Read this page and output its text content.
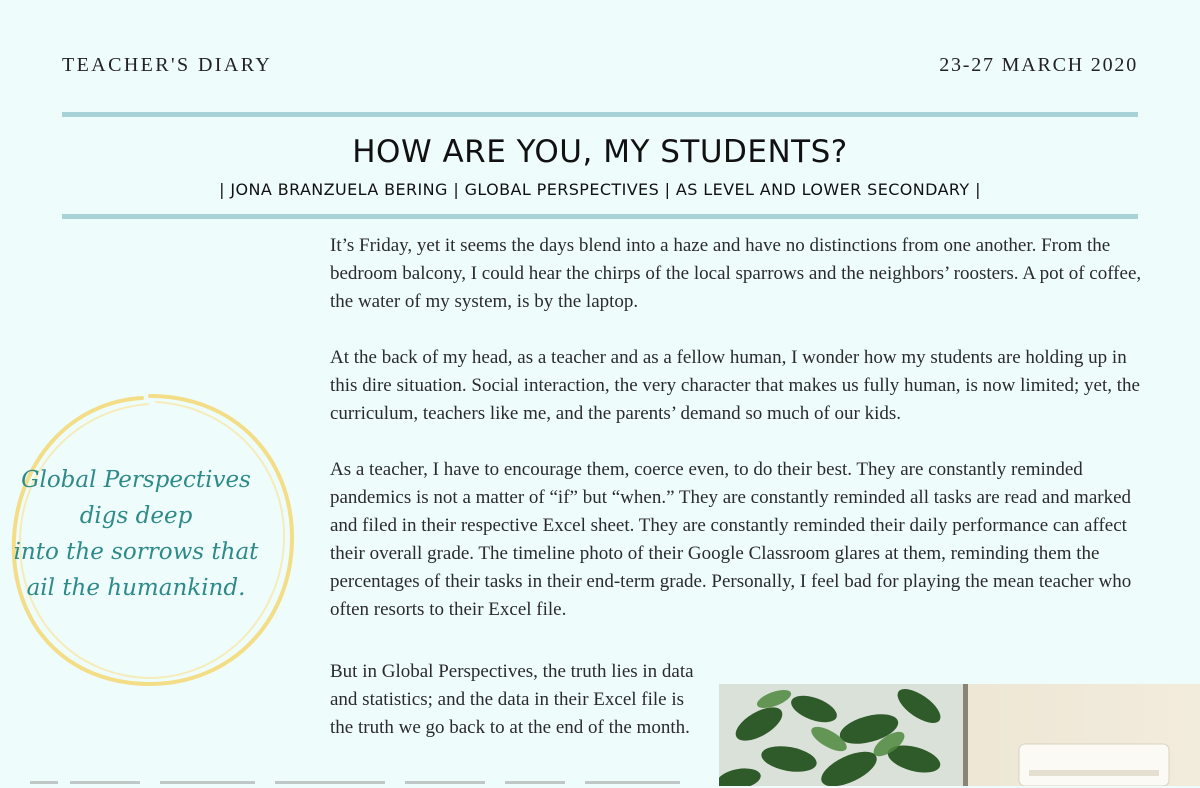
TEACHER'S DIARY	23-27 MARCH 2020
HOW ARE YOU, MY STUDENTS?
| JONA BRANZUELA BERING | GLOBAL PERSPECTIVES | AS LEVEL AND LOWER SECONDARY |

It’s Friday, yet it seems the days blend into a haze and have no distinctions from one another. From the bedroom balcony, I could hear the chirps of the local sparrows and the neighbors’ roosters. A pot of coffee, the water of my system, is by the laptop.

At the back of my head, as a teacher and as a fellow human, I wonder how my students are holding up in this dire situation. Social interaction, the very character that makes us fully human, is now limited; yet, the curriculum, teachers like me, and the parents’ demand so much of our kids.

As a teacher, I have to encourage them, coerce even, to do their best. They are constantly reminded pandemics is not a matter of “if” but “when.” They are constantly reminded all tasks are read and marked and filed in their respective Excel sheet. They are constantly reminded their daily performance can affect their overall grade. The timeline photo of their Google Classroom glares at them, reminding them the percentages of their tasks in their end-term grade. Personally, I feel bad for playing the mean teacher who often resorts to their Excel file.

But in Global Perspectives, the truth lies in data and statistics; and the data in their Excel file is the truth we go back to at the end of the month.
Global Perspectives
digs deep
into the sorrows that
ail the humankind.
